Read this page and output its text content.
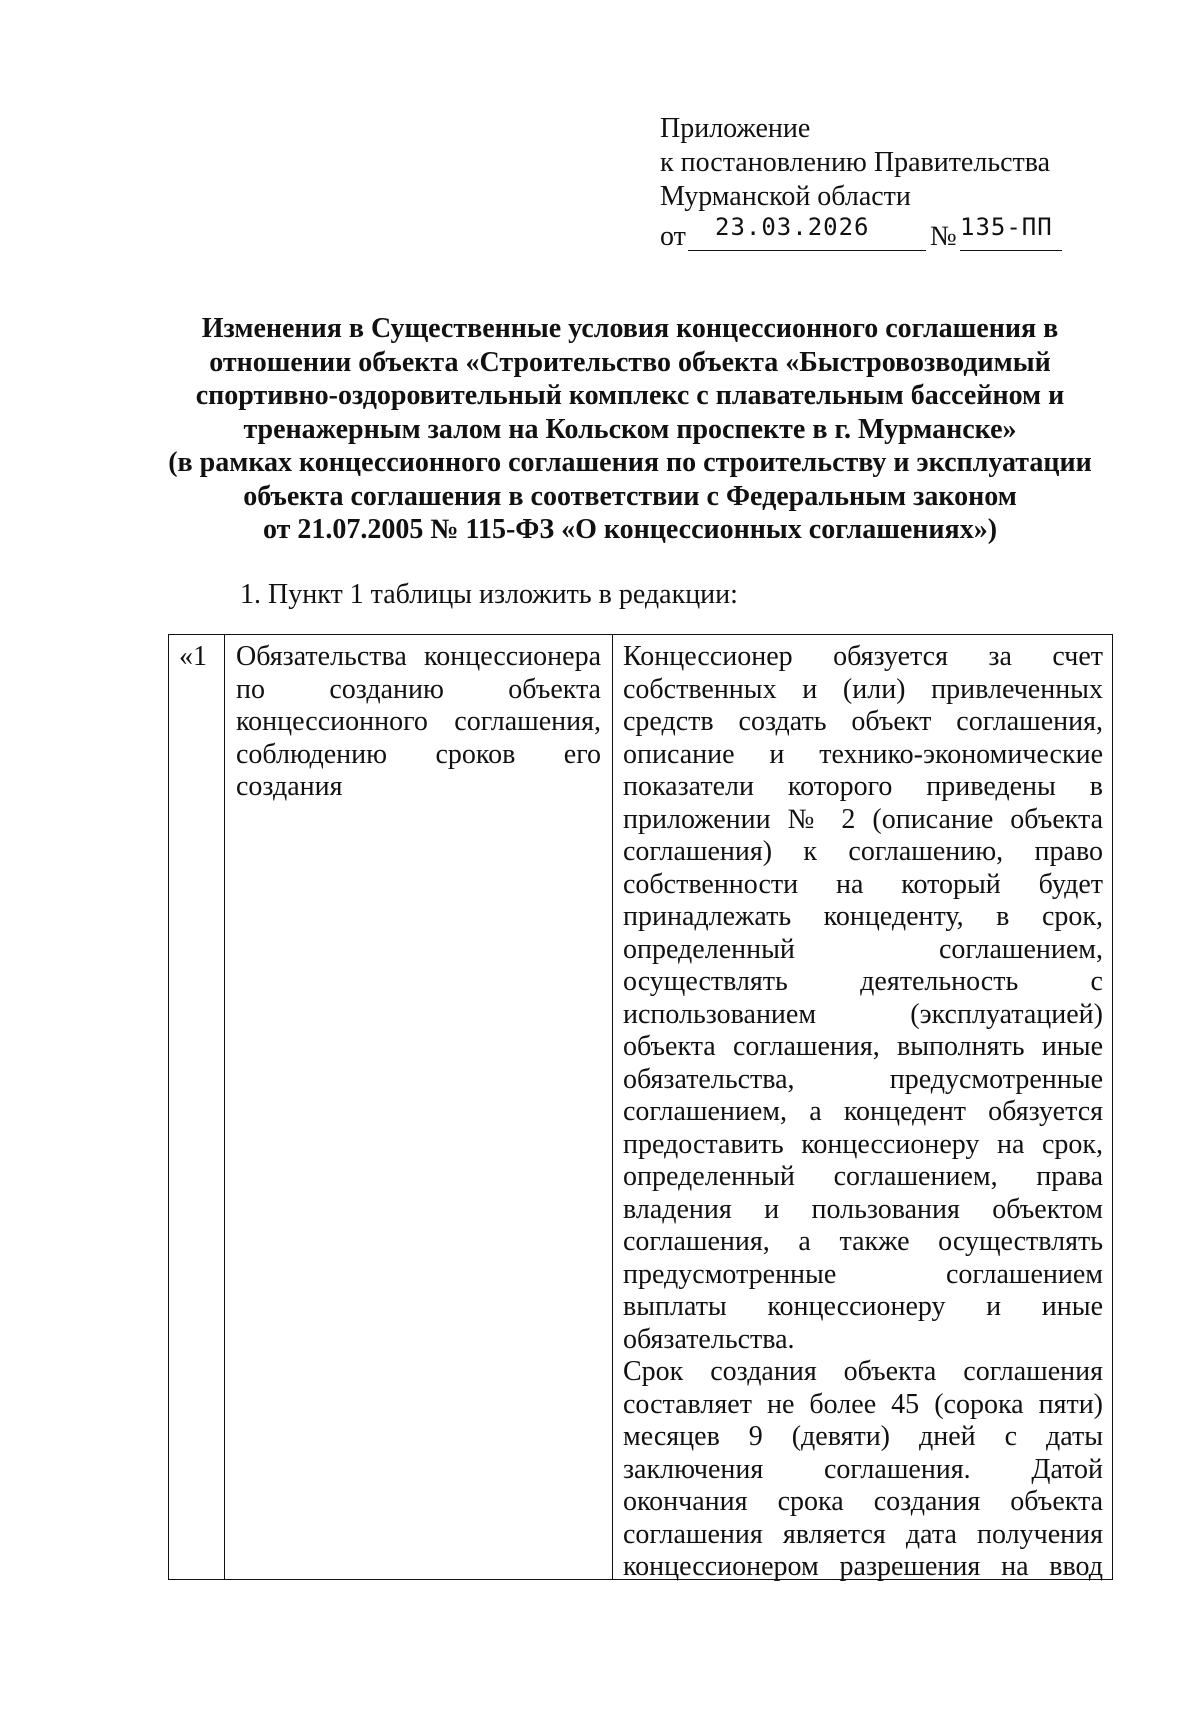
Приложение
к постановлению Правительства
Мурманской области
от 23.03.2026 № 135-ПП
Изменения в Существенные условия концессионного соглашения в
отношении объекта «Строительство объекта «Быстровозводимый
спортивно-оздоровительный комплекс с плавательным бассейном и
тренажерным залом на Кольском проспекте в г. Мурманске»
(в рамках концессионного соглашения по строительству и эксплуатации
объекта соглашения в соответствии с Федеральным законом
от 21.07.2005 № 115-ФЗ «О концессионных соглашениях»)
1. Пункт 1 таблицы изложить в редакции:
«1	Обязательства концессионера
по созданию объекта
концессионного соглашения,
соблюдению сроков его
создания
Концессионер обязуется за счет
собственных и (или) привлеченных
средств создать объект соглашения,
описание и технико-экономические
показатели которого приведены в
приложении № 2 (описание объекта
соглашения) к соглашению, право
собственности на который будет
принадлежать концеденту, в срок,
определенный соглашением,
осуществлять деятельность с
использованием (эксплуатацией)
объекта соглашения, выполнять иные
обязательства, предусмотренные
соглашением, а концедент обязуется
предоставить концессионеру на срок,
определенный соглашением, права
владения и пользования объектом
соглашения, а также осуществлять
предусмотренные соглашением
выплаты концессионеру и иные
обязательства.
Срок создания объекта соглашения
составляет не более 45 (сорока пяти)
месяцев 9 (девяти) дней с даты
заключения соглашения. Датой
окончания срока создания объекта
соглашения является дата получения
концессионером разрешения на ввод
